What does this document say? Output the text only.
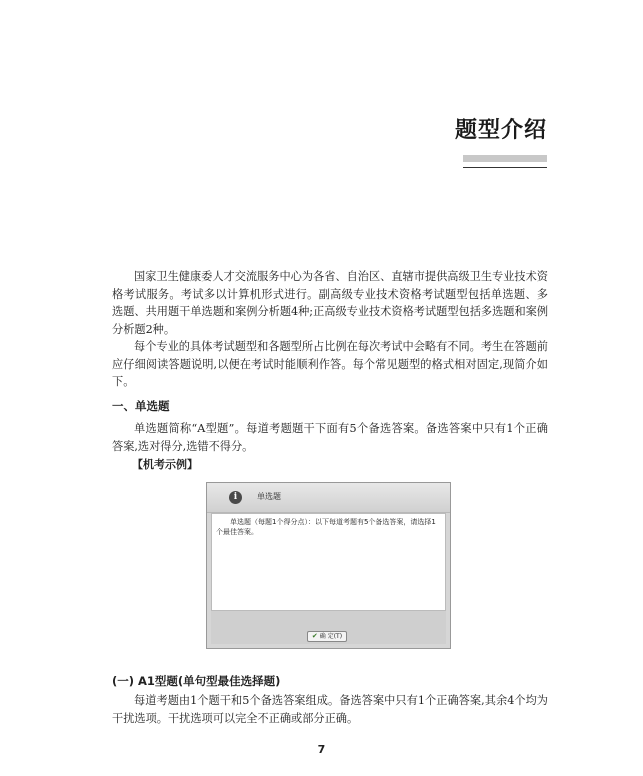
题型介绍

国家卫生健康委人才交流服务中心为各省、自治区、直辖市提供高级卫生专业技术资格考试服务。考试多以计算机形式进行。副高级专业技术资格考试题型包括单选题、多选题、共用题干单选题和案例分析题4种;正高级专业技术资格考试题型包括多选题和案例分析题2种。

每个专业的具体考试题型和各题型所占比例在每次考试中会略有不同。考生在答题前应仔细阅读答题说明,以便在考试时能顺利作答。每个常见题型的格式相对固定,现简介如下。

一、单选题

单选题简称“A型题”。每道考题题干下面有5个备选答案。备选答案中只有1个正确答案,选对得分,选错不得分。

【机考示例】
i	单选题

单选题（每题1个得分点）：以下每道考题有5个备选答案，请选择1个最佳答案。

✔ 确 定(T)

(一) A1型题(单句型最佳选择题)

每道考题由1个题干和5个备选答案组成。备选答案中只有1个正确答案,其余4个均为干扰选项。干扰选项可以完全不正确或部分正确。

7
